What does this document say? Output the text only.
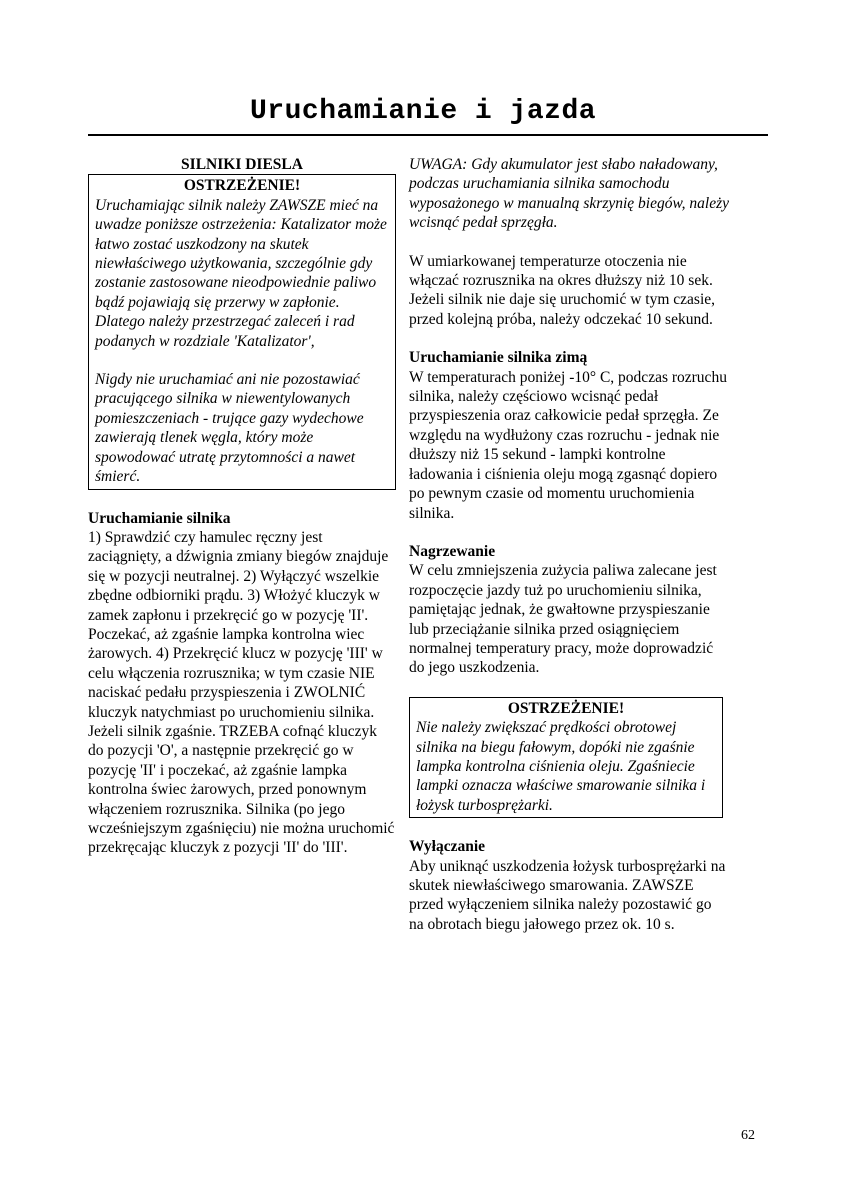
Uruchamianie i jazda

SILNIKI DIESLA

OSTRZEŻENIE!

Uruchamiając silnik należy ZAWSZE mieć na uwadze poniższe ostrzeżenia: Katalizator może łatwo zostać uszkodzony na skutek niewłaściwego użytkowania, szczególnie gdy zostanie zastosowane nieodpowiednie paliwo bądź pojawiają się przerwy w zapłonie. Dlatego należy przestrzegać zaleceń i rad podanych w rozdziale 'Katalizator',

Nigdy nie uruchamiać ani nie pozostawiać pracującego silnika w niewentylowanych pomieszczeniach - trujące gazy wydechowe zawierają tlenek węgla, który może spowodować utratę przytomności a nawet śmierć.

Uruchamianie silnika

1) Sprawdzić czy hamulec ręczny jest zaciągnięty, a dźwignia zmiany biegów znajduje się w pozycji neutralnej. 2) Wyłączyć wszelkie zbędne odbiorniki prądu. 3) Włożyć kluczyk w zamek zapłonu i przekręcić go w pozycję 'II'. Poczekać, aż zgaśnie lampka kontrolna wiec żarowych. 4) Przekręcić klucz w pozycję 'III' w celu włączenia rozrusznika; w tym czasie NIE naciskać pedału przyspieszenia i ZWOLNIĆ kluczyk natychmiast po uruchomieniu silnika. Jeżeli silnik zgaśnie. TRZEBA cofnąć kluczyk do pozycji 'O', a następnie przekręcić go w pozycję 'II' i poczekać, aż zgaśnie lampka kontrolna świec żarowych, przed ponownym włączeniem rozrusznika. Silnika (po jego wcześniejszym zgaśnięciu) nie można uruchomić przekręcając kluczyk z pozycji 'II' do 'III'.

UWAGA: Gdy akumulator jest słabo naładowany, podczas uruchamiania silnika samochodu wyposażonego w manualną skrzynię biegów, należy wcisnąć pedał sprzęgła.

W umiarkowanej temperaturze otoczenia nie włączać rozrusznika na okres dłuższy niż 10 sek. Jeżeli silnik nie daje się uruchomić w tym czasie, przed kolejną próba, należy odczekać 10 sekund.

Uruchamianie silnika zimą

W temperaturach poniżej -10° C, podczas rozruchu silnika, należy częściowo wcisnąć pedał przyspieszenia oraz całkowicie pedał sprzęgła. Ze względu na wydłużony czas rozruchu - jednak nie dłuższy niż 15 sekund - lampki kontrolne ładowania i ciśnienia oleju mogą zgasnąć dopiero po pewnym czasie od momentu uruchomienia silnika.

Nagrzewanie

W celu zmniejszenia zużycia paliwa zalecane jest rozpoczęcie jazdy tuż po uruchomieniu silnika, pamiętając jednak, że gwałtowne przyspieszanie lub przeciążanie silnika przed osiągnięciem normalnej temperatury pracy, może doprowadzić do jego uszkodzenia.

OSTRZEŻENIE!

Nie należy zwiększać prędkości obrotowej silnika na biegu fałowym, dopóki nie zgaśnie lampka kontrolna ciśnienia oleju. Zgaśniecie lampki oznacza właściwe smarowanie silnika i łożysk turbosprężarki.

Wyłączanie

Aby uniknąć uszkodzenia łożysk turbosprężarki na skutek niewłaściwego smarowania. ZAWSZE przed wyłączeniem silnika należy pozostawić go na obrotach biegu jałowego przez ok. 10 s.

62
